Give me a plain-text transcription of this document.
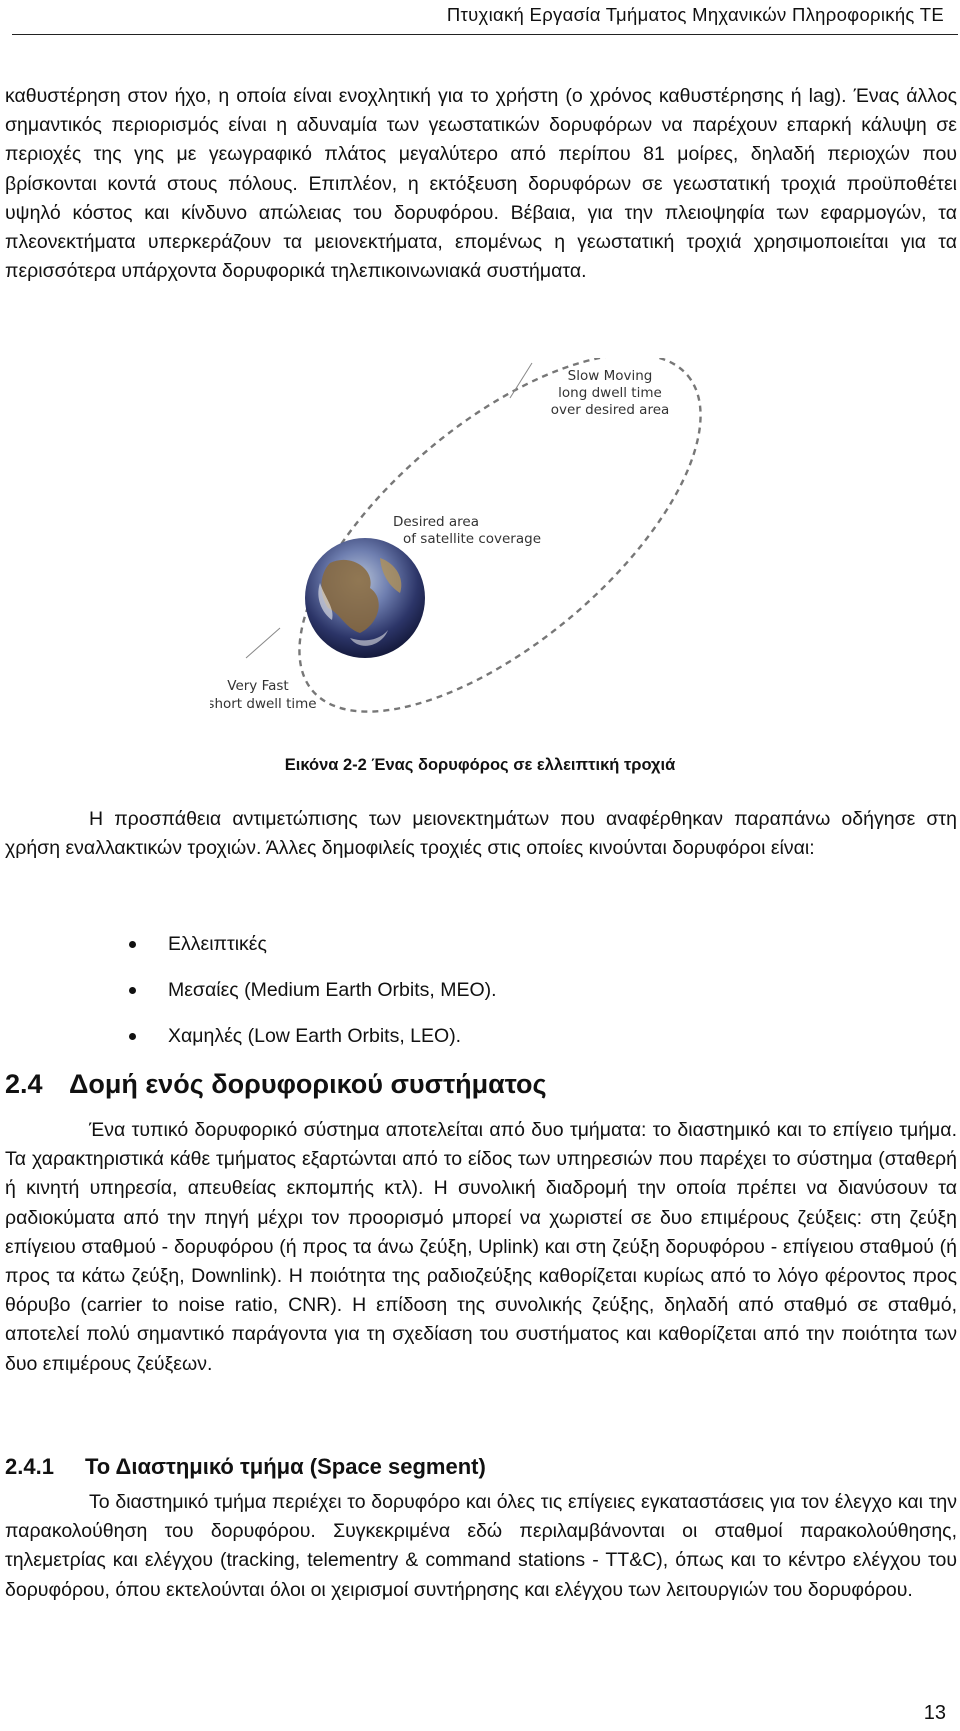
Πτυχιακή Εργασία Τμήματος Μηχανικών Πληροφορικής ΤΕ

καθυστέρηση στον ήχο, η οποία είναι ενοχλητική για το χρήστη (ο χρόνος καθυστέρησης ή lag). Ένας άλλος σημαντικός περιορισμός είναι η αδυναμία των γεωστατικών δορυφόρων να παρέχουν επαρκή κάλυψη σε περιοχές της γης με γεωγραφικό πλάτος μεγαλύτερο από περίπου 81 μοίρες, δηλαδή περιοχών που βρίσκονται κοντά στους πόλους. Επιπλέον, η εκτόξευση δορυφόρων σε γεωστατική τροχιά προϋποθέτει υψηλό κόστος και κίνδυνο απώλειας του δορυφόρου. Βέβαια, για την πλειοψηφία των εφαρμογών, τα πλεονεκτήματα υπερκεράζουν τα μειονεκτήματα, επομένως η γεωστατική τροχιά χρησιμοποιείται για τα περισσότερα υπάρχοντα δορυφορικά τηλεπικοινωνιακά συστήματα.

Slow Moving
long dwell time
over desired area
Desired area
of satellite coverage
Very Fast
short dwell time
Εικόνα 2-2 Ένας δορυφόρος σε ελλειπτική τροχιά

Η προσπάθεια αντιμετώπισης των μειονεκτημάτων που αναφέρθηκαν παραπάνω οδήγησε στη χρήση εναλλακτικών τροχιών. Άλλες δημοφιλείς τροχιές στις οποίες κινούνται δορυφόροι είναι:

Ελλειπτικές
Μεσαίες (Medium Earth Orbits, MEO).
Χαμηλές (Low Earth Orbits, LEO).
2.4 Δομή ενός δορυφορικού συστήματος

Ένα τυπικό δορυφορικό σύστημα αποτελείται από δυο τμήματα: το διαστημικό και το επίγειο τμήμα. Τα χαρακτηριστικά κάθε τμήματος εξαρτώνται από το είδος των υπηρεσιών που παρέχει το σύστημα (σταθερή ή κινητή υπηρεσία, απευθείας εκπομπής κτλ). Η συνολική διαδρομή την οποία πρέπει να διανύσουν τα ραδιοκύματα από την πηγή μέχρι τον προορισμό μπορεί να χωριστεί σε δυο επιμέρους ζεύξεις: στη ζεύξη επίγειου σταθμού - δορυφόρου (ή προς τα άνω ζεύξη, Uplink) και στη ζεύξη δορυφόρου - επίγειου σταθμού (ή προς τα κάτω ζεύξη, Downlink). Η ποιότητα της ραδιοζεύξης καθορίζεται κυρίως από το λόγο φέροντος προς θόρυβο (carrier to noise ratio, CNR). Η επίδοση της συνολικής ζεύξης, δηλαδή από σταθμό σε σταθμό, αποτελεί πολύ σημαντικό παράγοντα για τη σχεδίαση του συστήματος και καθορίζεται από την ποιότητα των δυο επιμέρους ζεύξεων.

2.4.1 Το Διαστημικό τμήμα (Space segment)

Το διαστημικό τμήμα περιέχει το δορυφόρο και όλες τις επίγειες εγκαταστάσεις για τον έλεγχο και την παρακολούθηση του δορυφόρου. Συγκεκριμένα εδώ περιλαμβάνονται οι σταθμοί παρακολούθησης, τηλεμετρίας και ελέγχου (tracking, telementry & command stations - TT&C), όπως και το κέντρο ελέγχου του δορυφόρου, όπου εκτελούνται όλοι οι χειρισμοί συντήρησης και ελέγχου των λειτουργιών του δορυφόρου.

13
